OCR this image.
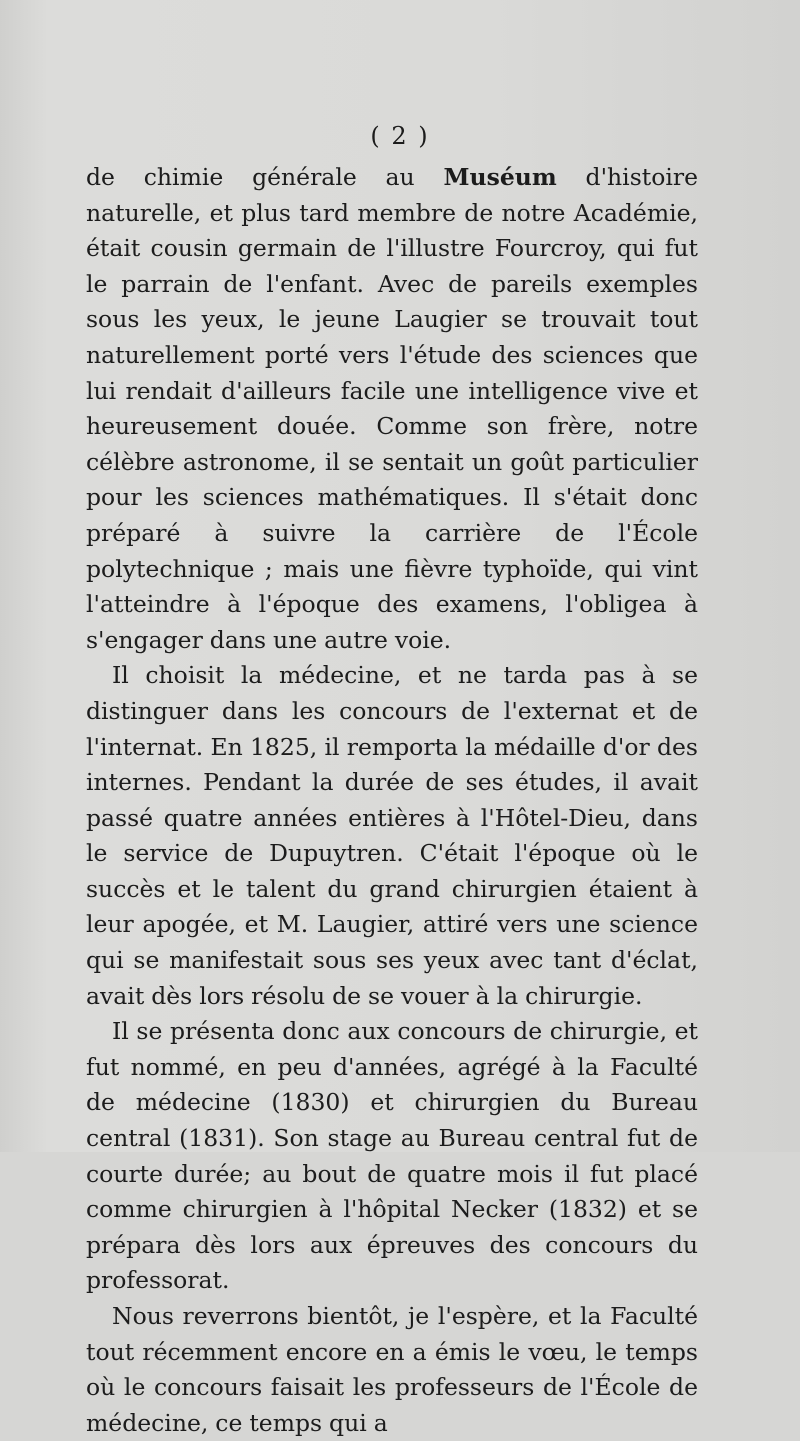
( 2 )

de chimie générale au Muséum d'histoire naturelle, et plus tard membre de notre Académie, était cousin germain de l'illustre Fourcroy, qui fut le parrain de l'enfant. Avec de pareils exemples sous les yeux, le jeune Laugier se trouvait tout naturellement porté vers l'étude des sciences que lui rendait d'ailleurs facile une intelligence vive et heureusement douée. Comme son frère, notre célèbre astronome, il se sentait un goût particulier pour les sciences mathématiques. Il s'était donc préparé à suivre la carrière de l'École polytechnique ; mais une fièvre typhoïde, qui vint l'atteindre à l'époque des examens, l'obligea à s'engager dans une autre voie.

Il choisit la médecine, et ne tarda pas à se distinguer dans les concours de l'externat et de l'internat. En 1825, il remporta la médaille d'or des internes. Pendant la durée de ses études, il avait passé quatre années entières à l'Hôtel-Dieu, dans le service de Dupuytren. C'était l'époque où le succès et le talent du grand chirurgien étaient à leur apogée, et M. Laugier, attiré vers une science qui se manifestait sous ses yeux avec tant d'éclat, avait dès lors résolu de se vouer à la chirurgie.

Il se présenta donc aux concours de chirurgie, et fut nommé, en peu d'années, agrégé à la Faculté de médecine (1830) et chirurgien du Bureau central (1831). Son stage au Bureau central fut de courte durée; au bout de quatre mois il fut placé comme chirurgien à l'hôpital Necker (1832) et se prépara dès lors aux épreuves des concours du professorat.

Nous reverrons bientôt, je l'espère, et la Faculté tout récemment encore en a émis le vœu, le temps où le concours faisait les professeurs de l'École de médecine, ce temps qui a
